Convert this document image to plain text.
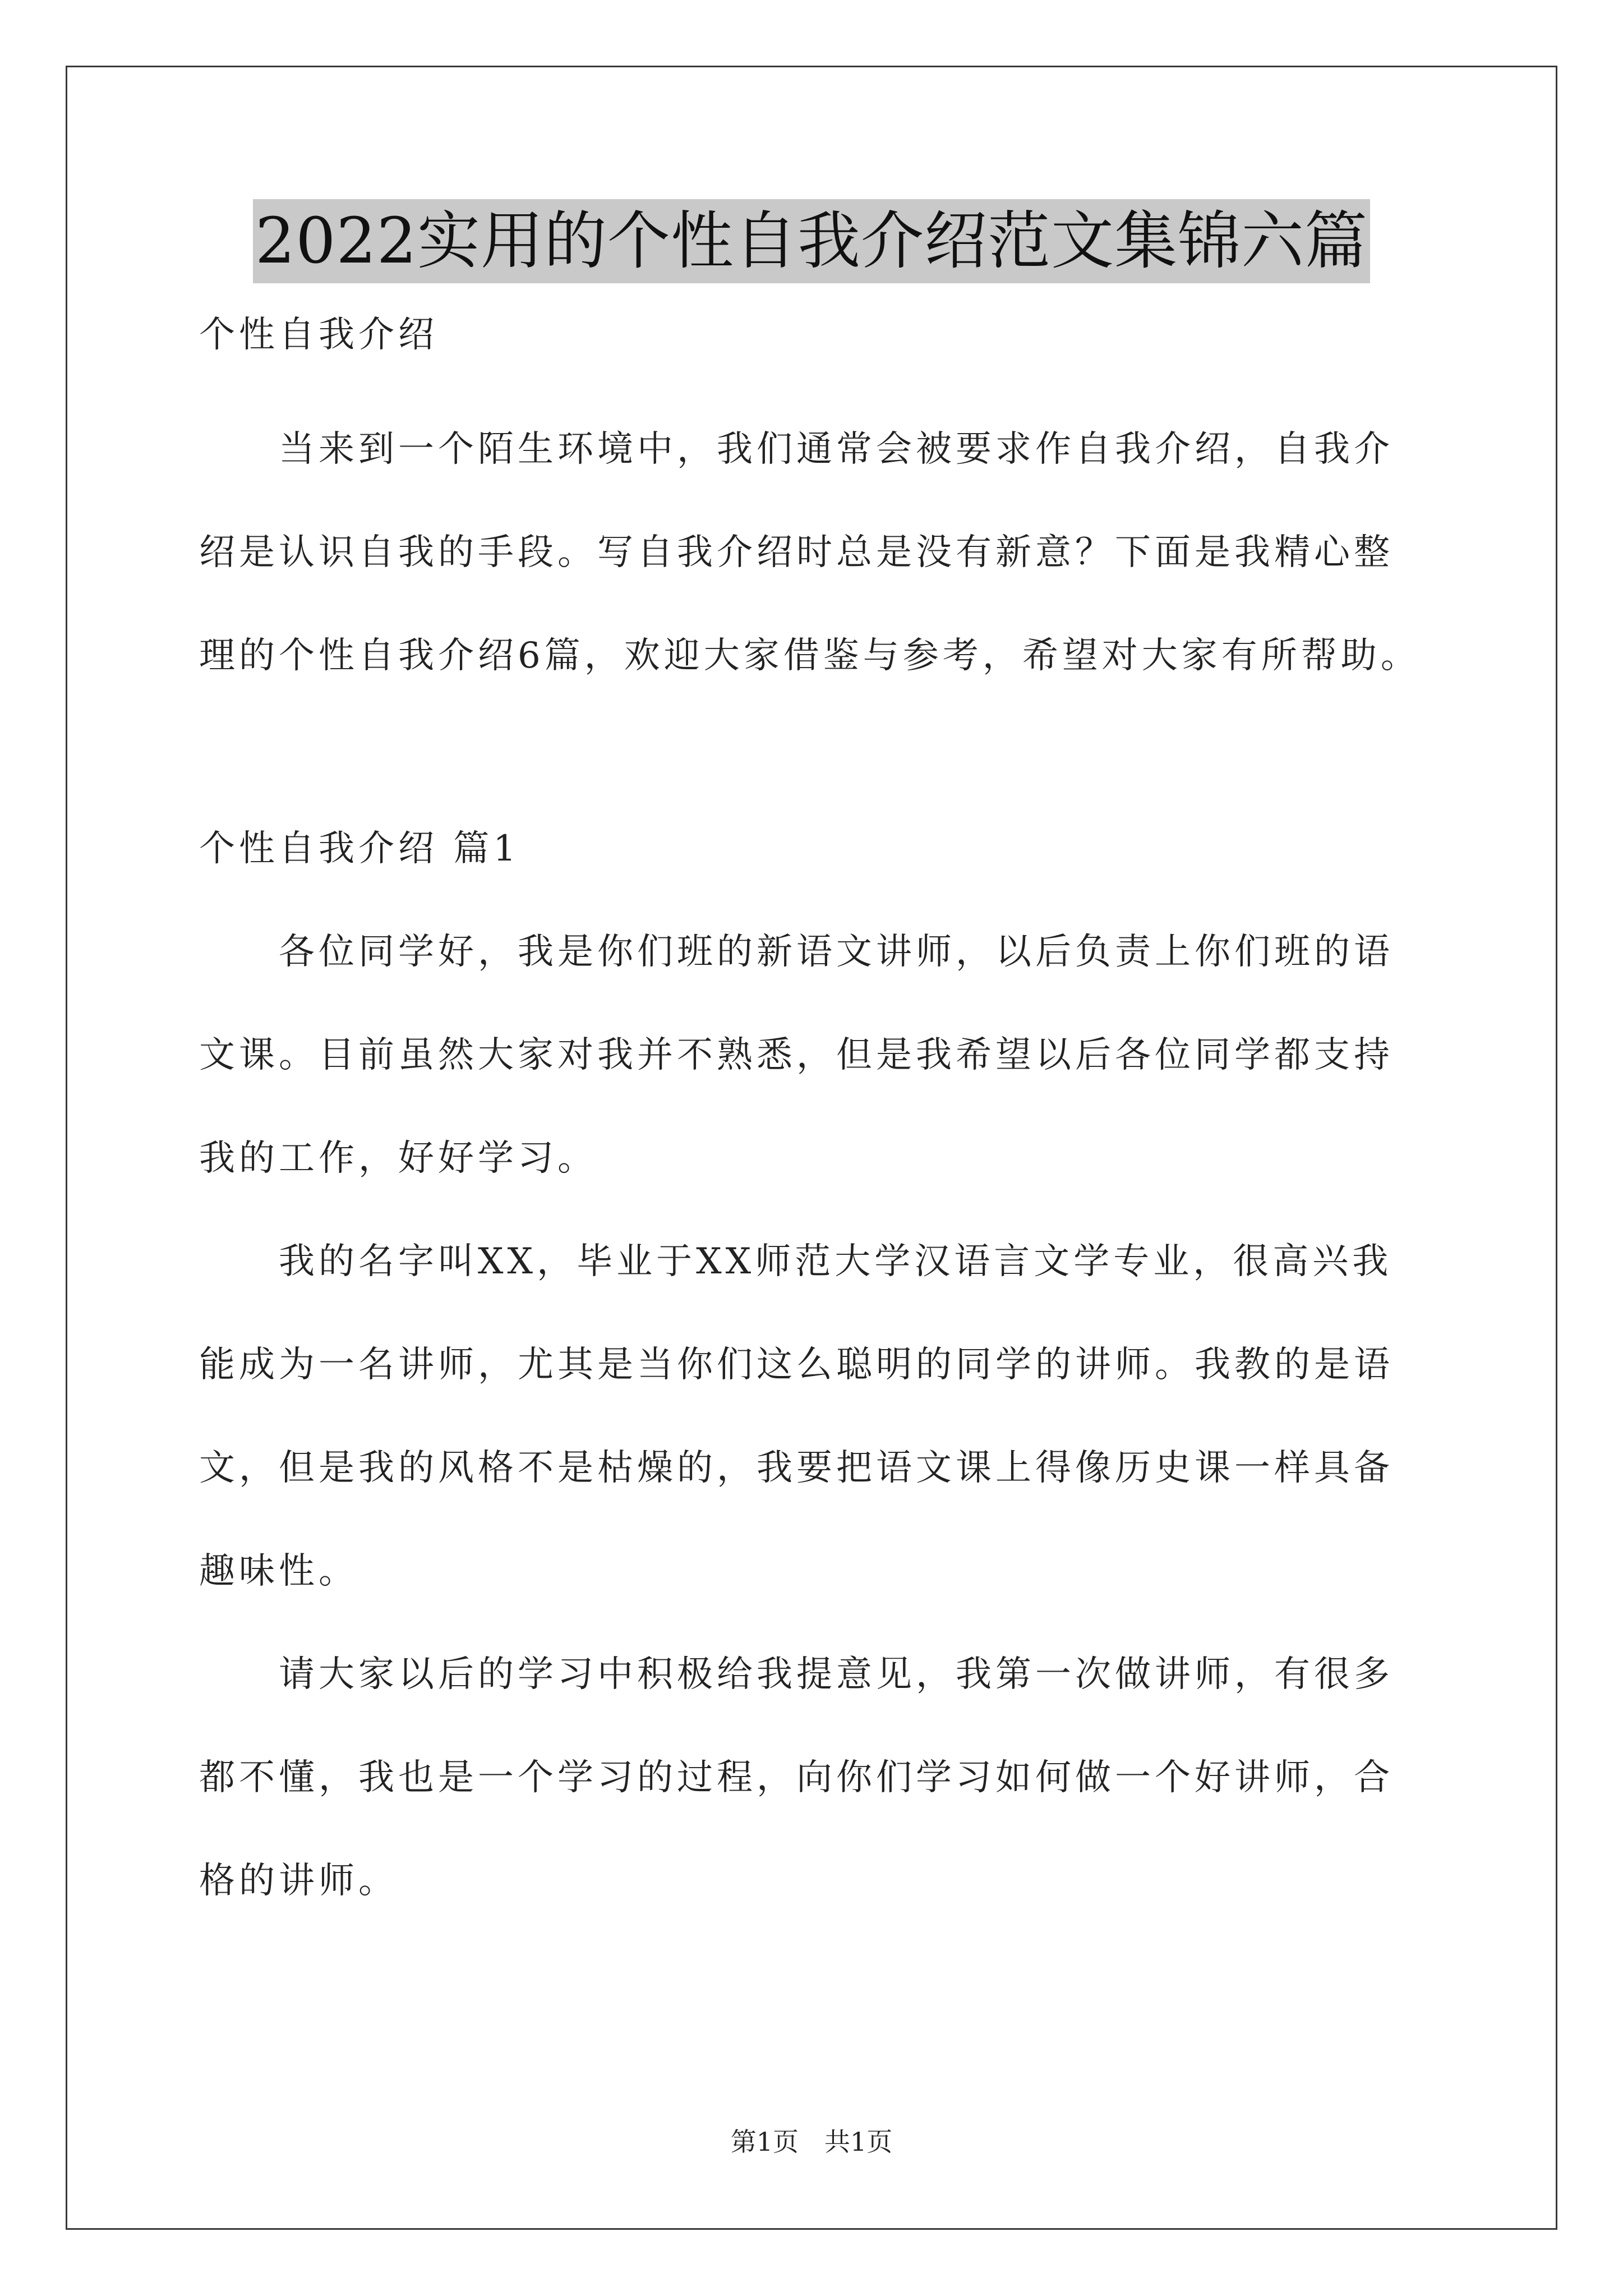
2022实用的个性自我介绍范文集锦六篇
个性自我介绍
当来到一个陌生环境中，我们通常会被要求作自我介绍，自我介
绍是认识自我的手段。写自我介绍时总是没有新意？下面是我精心整
理的个性自我介绍6篇，欢迎大家借鉴与参考，希望对大家有所帮助。
个性自我介绍 篇1
各位同学好，我是你们班的新语文讲师，以后负责上你们班的语
文课。目前虽然大家对我并不熟悉，但是我希望以后各位同学都支持
我的工作，好好学习。
我的名字叫XX，毕业于XX师范大学汉语言文学专业，很高兴我
能成为一名讲师，尤其是当你们这么聪明的同学的讲师。我教的是语
文，但是我的风格不是枯燥的，我要把语文课上得像历史课一样具备
趣味性。
请大家以后的学习中积极给我提意见，我第一次做讲师，有很多
都不懂，我也是一个学习的过程，向你们学习如何做一个好讲师，合
格的讲师。
第1页　共1页
